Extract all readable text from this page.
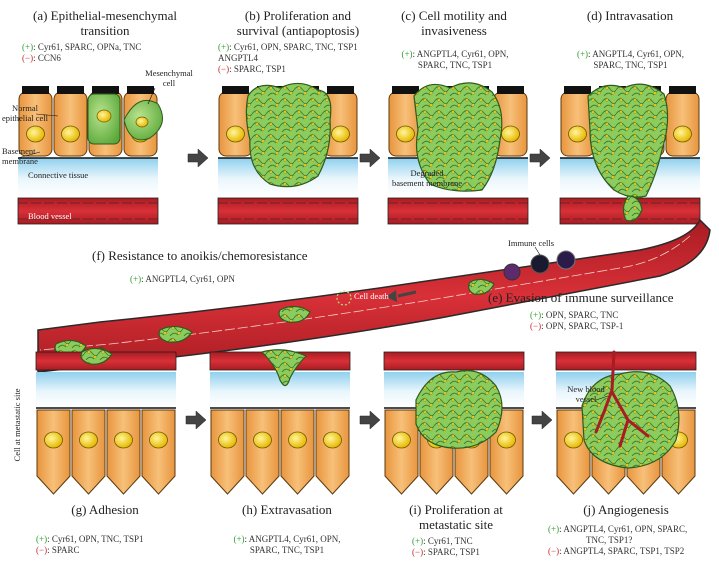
(a) Epithelial-mesenchymal
transition
(+): Cyr61, SPARC, OPNa, TNC
(−): CCN6
(b) Proliferation and
survival (antiapoptosis)
(+): Cyr61, OPN, SPARC, TNC, TSP1
ANGPTL4
(−): SPARC, TSP1
(c) Cell motility and
invasiveness
(+): ANGPTL4, Cyr61, OPN,
SPARC, TNC, TSP1
(d) Intravasation
(+): ANGPTL4, Cyr61, OPN,
SPARC, TNC, TSP1
(f) Resistance to anoikis/chemoresistance
(+): ANGPTL4, Cyr61, OPN
(e) Evasion of immune surveillance
(+): OPN, SPARC, TNC
(−): OPN, SPARC, TSP-1
(g) Adhesion
(+): Cyr61, OPN, TNC, TSP1
(−): SPARC
(h) Extravasation
(+): ANGPTL4, Cyr61, OPN,
SPARC, TNC, TSP1
(i) Proliferation at
metastatic site
(+): Cyr61, TNC
(−): SPARC, TSP1
(j) Angiogenesis
(+): ANGPTL4, Cyr61, OPN, SPARC,
TNC, TSP1?
(−): ANGPTL4, SPARC, TSP1, TSP2
Mesenchymal
cell
Normal
epithelial cell
Basement
membrane
Connective tissue
Blood vessel
Degraded
basement membrane
Immune cells
Cell death
Cell at metastatic site	New blood
vessel
